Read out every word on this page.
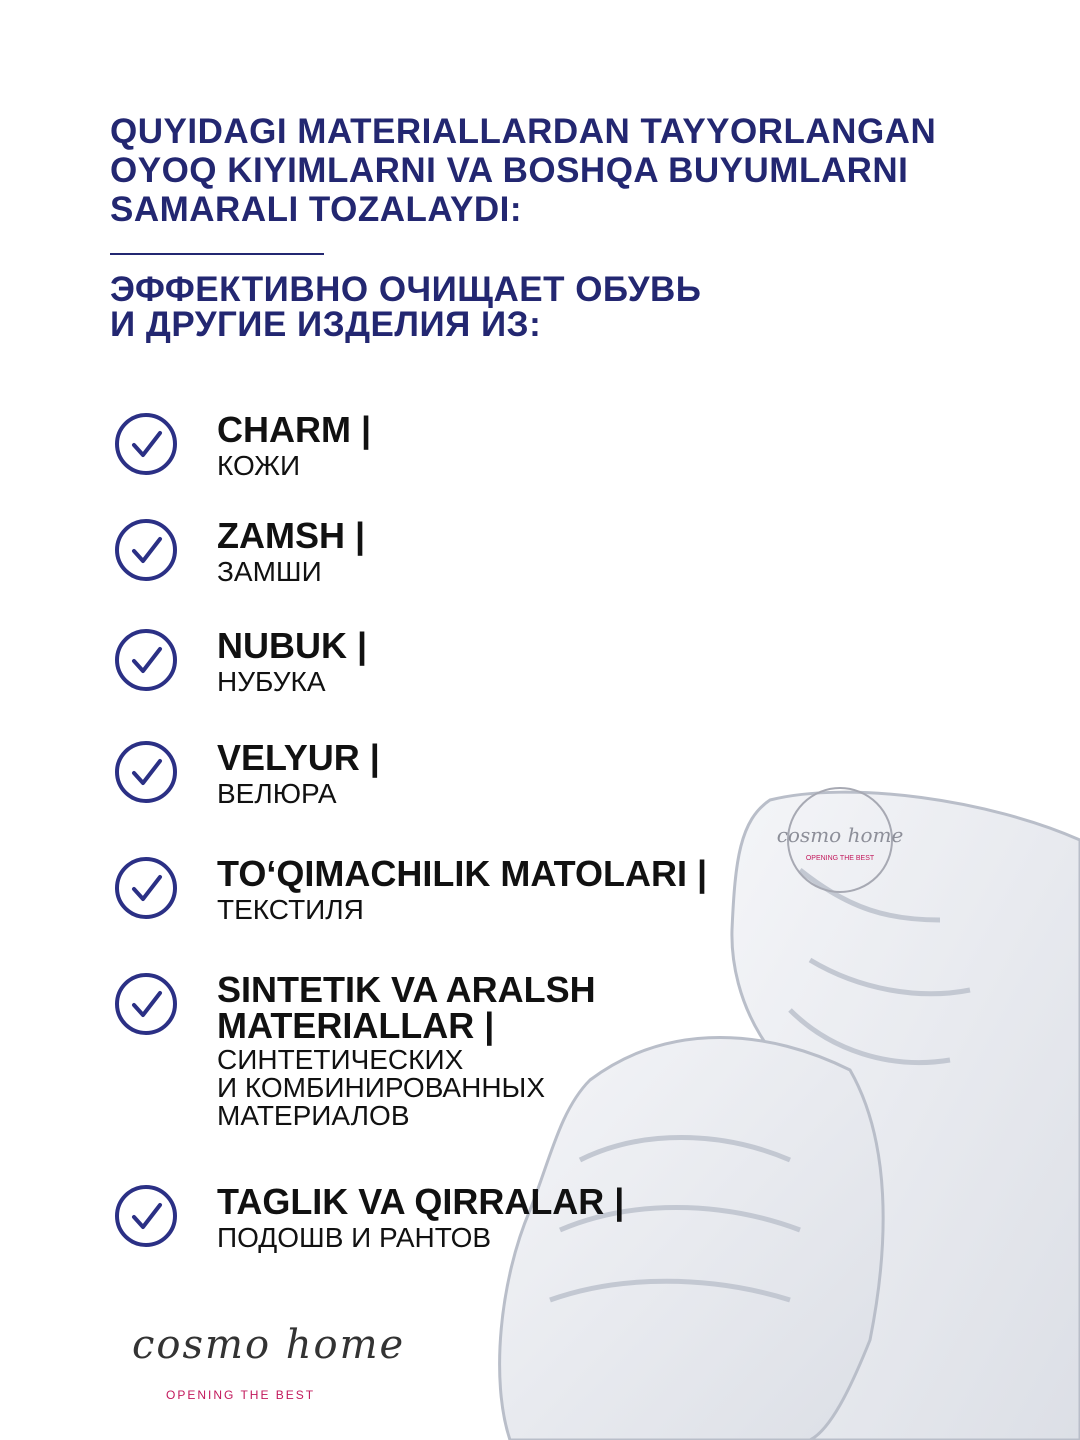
QUYIDAGI MATERIALLARDAN TAYYORLANGAN
OYOQ KIYIMLARNI VA BOSHQA BUYUMLARNI
SAMARALI TOZALAYDI:
ЭФФЕКТИВНО ОЧИЩАЕТ ОБУВЬ
И ДРУГИЕ ИЗДЕЛИЯ ИЗ:
cosmo home
OPENING THE BEST
CHARM |
КОЖИ
ZAMSH |
ЗАМШИ
NUBUK |
НУБУКА
VELYUR |
ВЕЛЮРА
TO‘QIMACHILIK MATOLARI |
ТЕКСТИЛЯ
SINTETIK VA ARALSH
MATERIALLAR |
СИНТЕТИЧЕСКИХ
И КОМБИНИРОВАННЫХ
МАТЕРИАЛОВ
TAGLIK VA QIRRALAR |
ПОДОШВ И РАНТОВ
cosmo home
OPENING THE BEST
